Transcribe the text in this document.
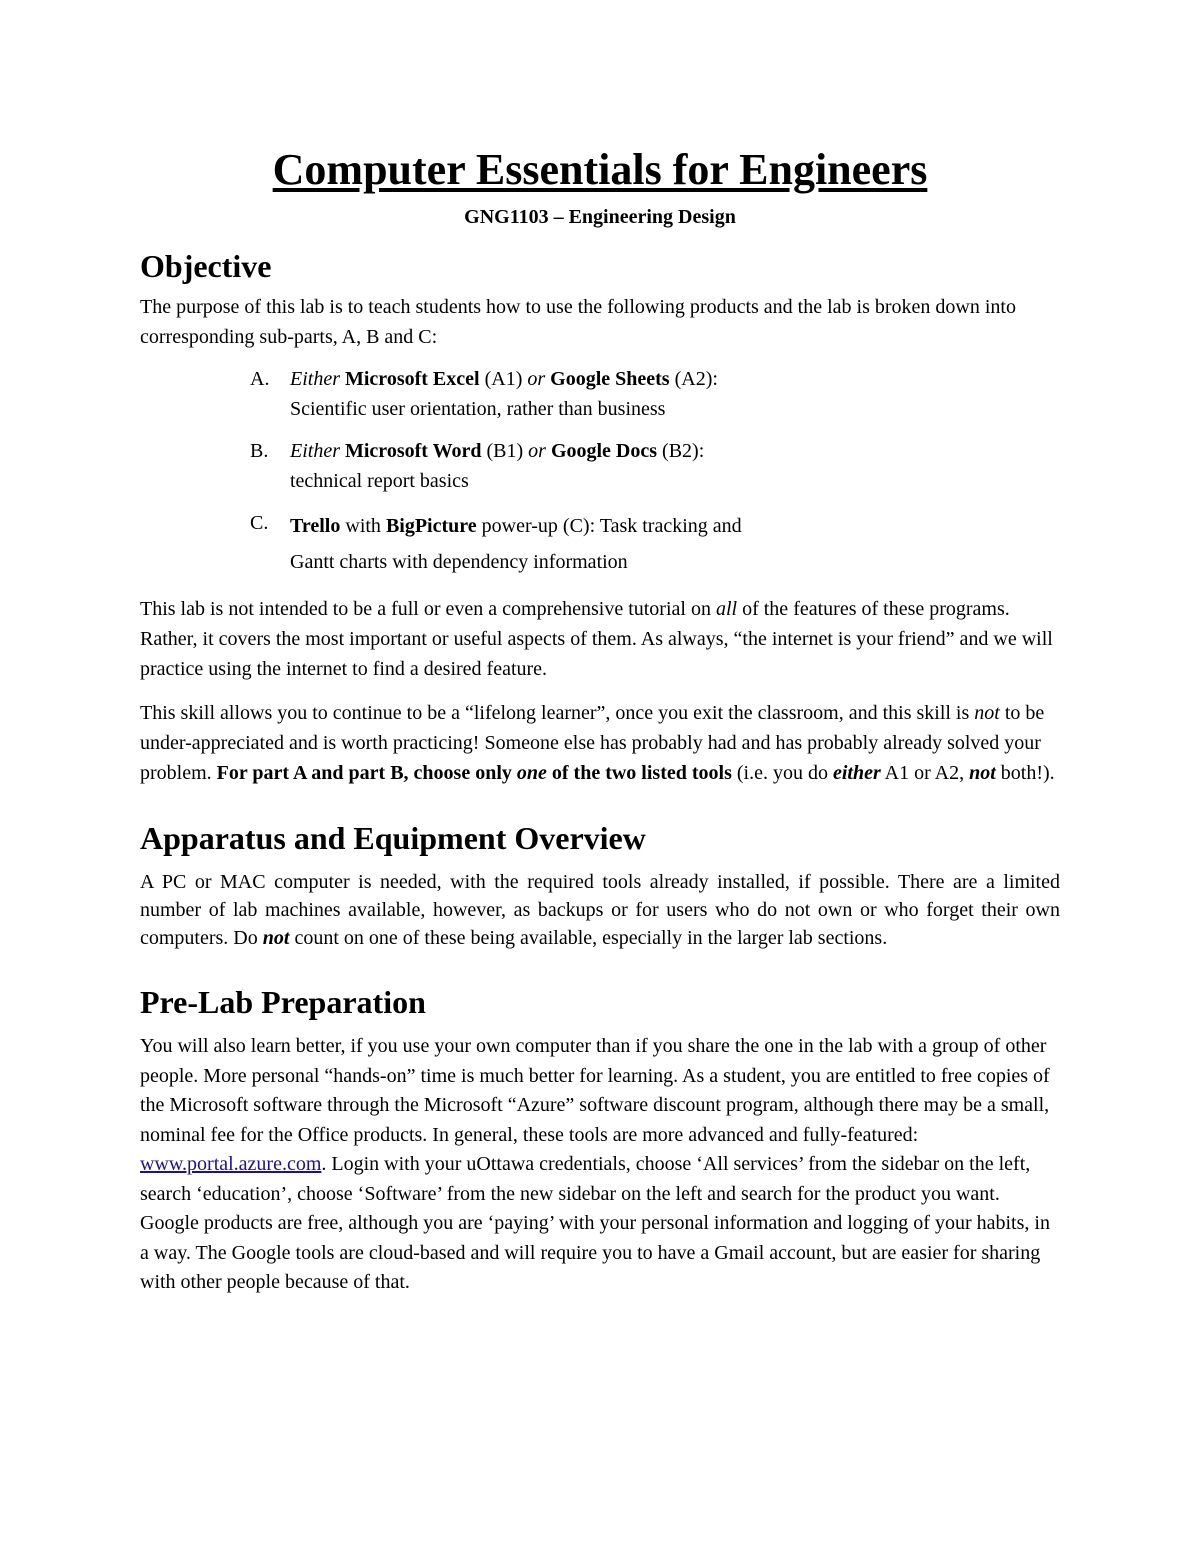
Computer Essentials for Engineers
GNG1103 – Engineering Design
Objective

The purpose of this lab is to teach students how to use the following products and the lab is broken down into corresponding sub-parts, A, B and C:

A.	Either Microsoft Excel (A1) or Google Sheets (A2):
Scientific user orientation, rather than business
B.	Either Microsoft Word (B1) or Google Docs (B2):
technical report basics
C.	Trello with BigPicture power-up (C): Task tracking and
Gantt charts with dependency information

This lab is not intended to be a full or even a comprehensive tutorial on all of the features of these programs. Rather, it covers the most important or useful aspects of them. As always, “the internet is your friend” and we will practice using the internet to find a desired feature.

This skill allows you to continue to be a “lifelong learner”, once you exit the classroom, and this skill is not to be under-appreciated and is worth practicing! Someone else has probably had and has probably already solved your problem. For part A and part B, choose only one of the two listed tools (i.e. you do either A1 or A2, not both!).

Apparatus and Equipment Overview

A PC or MAC computer is needed, with the required tools already installed, if possible. There are a limited number of lab machines available, however, as backups or for users who do not own or who forget their own computers. Do not count on one of these being available, especially in the larger lab sections.

Pre-Lab Preparation

You will also learn better, if you use your own computer than if you share the one in the lab with a group of other people. More personal “hands-on” time is much better for learning. As a student, you are entitled to free copies of the Microsoft software through the Microsoft “Azure” software discount program, although there may be a small, nominal fee for the Office products. In general, these tools are more advanced and fully-featured: www.portal.azure.com. Login with your uOttawa credentials, choose ‘All services’ from the sidebar on the left, search ‘education’, choose ‘Software’ from the new sidebar on the left and search for the product you want. Google products are free, although you are ‘paying’ with your personal information and logging of your habits, in a way. The Google tools are cloud-based and will require you to have a Gmail account, but are easier for sharing with other people because of that.
